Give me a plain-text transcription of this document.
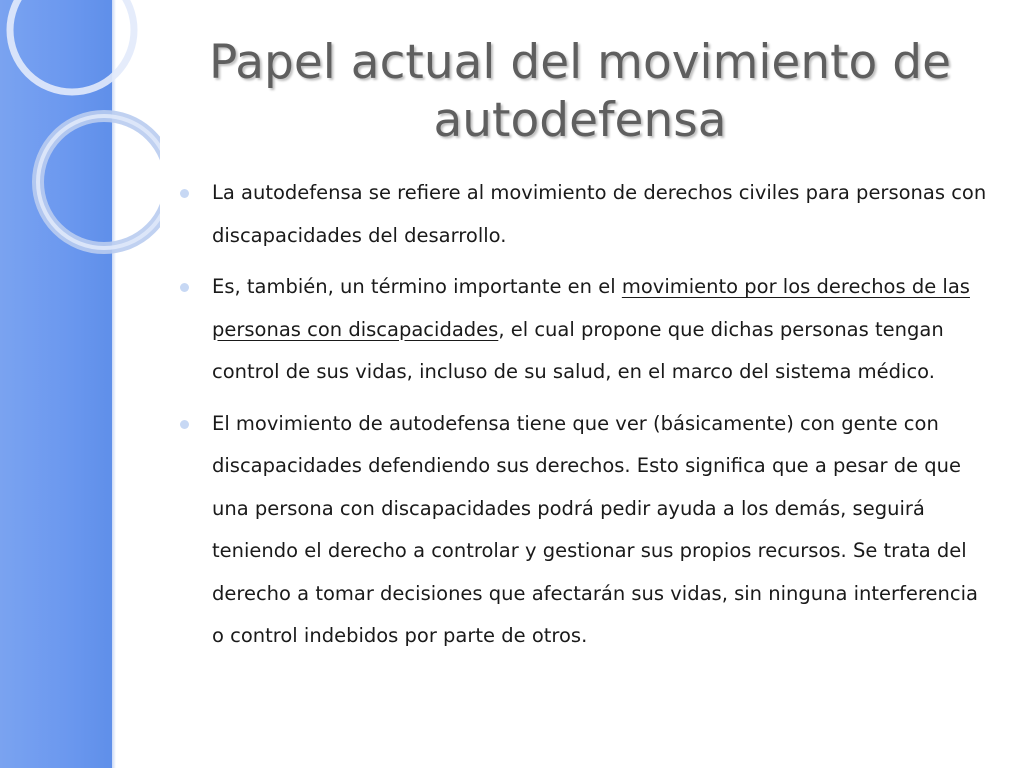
Papel actual del movimiento de autodefensa
La autodefensa se refiere al movimiento de derechos civiles para personas con discapacidades del desarrollo.
Es, también, un término importante en el movimiento por los derechos de las personas con discapacidades, el cual propone que dichas personas tengan control de sus vidas, incluso de su salud, en el marco del sistema médico.
El movimiento de autodefensa tiene que ver (básicamente) con gente con discapacidades defendiendo sus derechos. Esto significa que a pesar de que una persona con discapacidades podrá pedir ayuda a los demás, seguirá teniendo el derecho a controlar y gestionar sus propios recursos. Se trata del derecho a tomar decisiones que afectarán sus vidas, sin ninguna interferencia o control indebidos por parte de otros.
